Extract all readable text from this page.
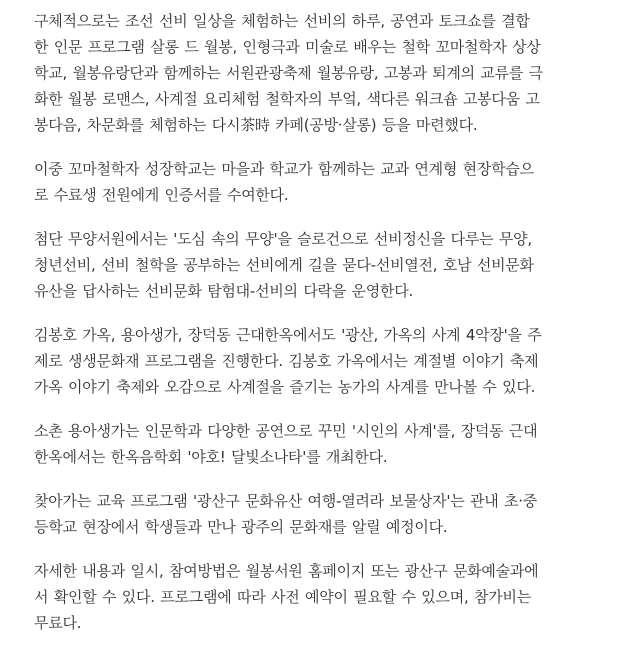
구체적으로는 조선 선비 일상을 체험하는 선비의 하루, 공연과 토크쇼를 결합
한 인문 프로그램 살롱 드 월봉, 인형극과 미술로 배우는 철학 꼬마철학자 상상
학교, 월봉유랑단과 함께하는 서원관광축제 월봉유랑, 고봉과 퇴계의 교류를 극
화한 월봉 로맨스, 사계절 요리체험 철학자의 부엌, 색다른 워크숍 고봉다움 고
봉다음, 차문화를 체험하는 다시茶時 카페(공방·살롱) 등을 마련했다.

이중 꼬마철학자 성장학교는 마을과 학교가 함께하는 교과 연계형 현장학습으
로 수료생 전원에게 인증서를 수여한다.

첨단 무양서원에서는 '도심 속의 무양'을 슬로건으로 선비정신을 다루는 무양,
청년선비, 선비 철학을 공부하는 선비에게 길을 묻다-선비열전, 호남 선비문화
유산을 답사하는 선비문화 탐험대-선비의 다락을 운영한다.

김봉호 가옥, 용아생가, 장덕동 근대한옥에서도 '광산, 가옥의 사계 4악장'을 주
제로 생생문화재 프로그램을 진행한다. 김봉호 가옥에서는 계절별 이야기 축제
가옥 이야기 축제와 오감으로 사계절을 즐기는 농가의 사계를 만나볼 수 있다.

소촌 용아생가는 인문학과 다양한 공연으로 꾸민 '시인의 사계'를, 장덕동 근대
한옥에서는 한옥음학회 '야호! 달빛소나타'를 개최한다.

찾아가는 교육 프로그램 '광산구 문화유산 여행-열려라 보물상자'는 관내 초·중
등학교 현장에서 학생들과 만나 광주의 문화재를 알릴 예정이다.

자세한 내용과 일시, 참여방법은 월봉서원 홈페이지 또는 광산구 문화예술과에
서 확인할 수 있다. 프로그램에 따라 사전 예약이 필요할 수 있으며, 참가비는
무료다.
